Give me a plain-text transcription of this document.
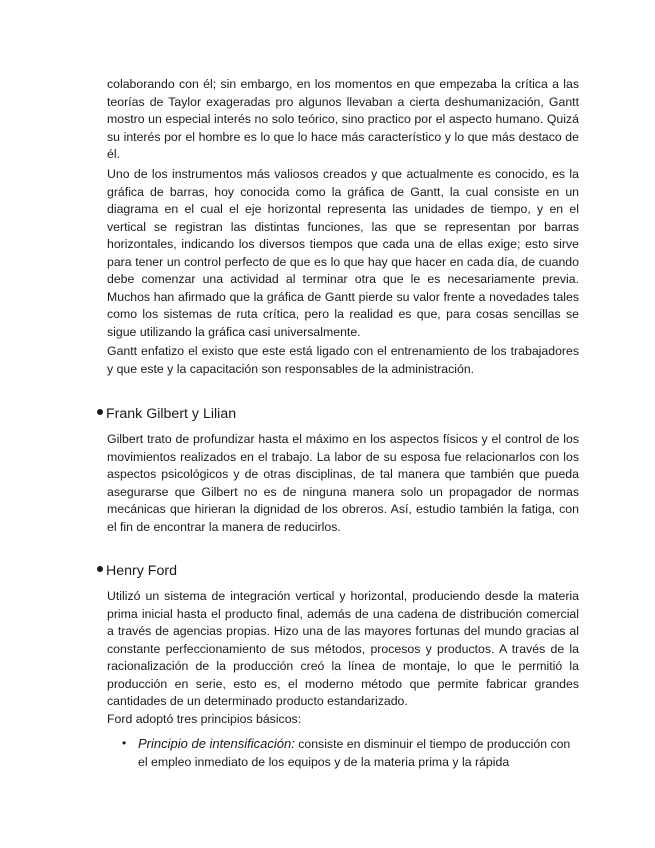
colaborando con él; sin embargo, en los momentos en que empezaba la crítica a las teorías de Taylor exageradas pro algunos llevaban a cierta deshumanización, Gantt mostro un especial interés no solo teórico, sino practico por el aspecto humano. Quizá su interés por el hombre es lo que lo hace más característico y lo que más destaco de él.

Uno de los instrumentos más valiosos creados y que actualmente es conocido, es la gráfica de barras, hoy conocida como la gráfica de Gantt, la cual consiste en un diagrama en el cual el eje horizontal representa las unidades de tiempo, y en el vertical se registran las distintas funciones, las que se representan por barras horizontales, indicando los diversos tiempos que cada una de ellas exige; esto sirve para tener un control perfecto de que es lo que hay que hacer en cada día, de cuando debe comenzar una actividad al terminar otra que le es necesariamente previa. Muchos han afirmado que la gráfica de Gantt pierde su valor frente a novedades tales como los sistemas de ruta crítica, pero la realidad es que, para cosas sencillas se sigue utilizando la gráfica casi universalmente.

Gantt enfatizo el existo que este está ligado con el entrenamiento de los trabajadores y que este y la capacitación son responsables de la administración.

Frank Gilbert y Lilian

Gilbert trato de profundizar hasta el máximo en los aspectos físicos y el control de los movimientos realizados en el trabajo. La labor de su esposa fue relacionarlos con los aspectos psicológicos y de otras disciplinas, de tal manera que también que pueda asegurarse que Gilbert no es de ninguna manera solo un propagador de normas mecánicas que hirieran la dignidad de los obreros. Así, estudio también la fatiga, con el fin de encontrar la manera de reducirlos.

Henry Ford

Utilizó un sistema de integración vertical y horizontal, produciendo desde la materia prima inicial hasta el producto final, además de una cadena de distribución comercial a través de agencias propias. Hizo una de las mayores fortunas del mundo gracias al constante perfeccionamiento de sus métodos, procesos y productos. A través de la racionalización de la producción creó la línea de montaje, lo que le permitió la producción en serie, esto es, el moderno método que permite fabricar grandes cantidades de un determinado producto estandarizado.

Ford adoptó tres principios básicos:

• Principio de intensificación: consiste en disminuir el tiempo de producción con el empleo inmediato de los equipos y de la materia prima y la rápida
